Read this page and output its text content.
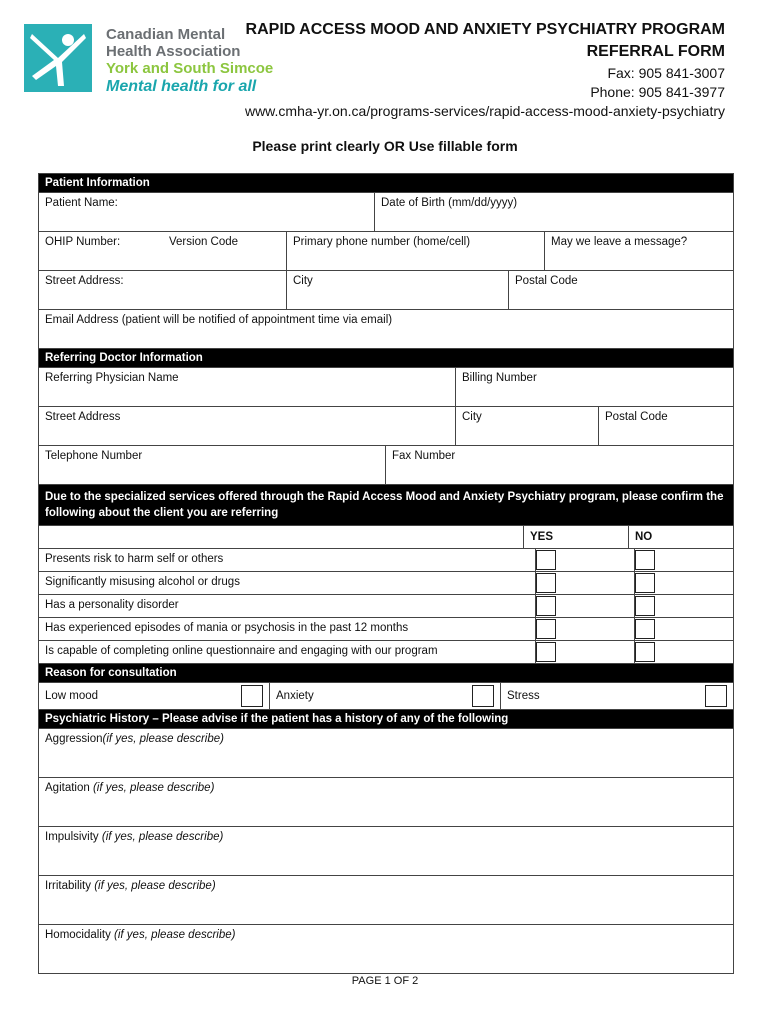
Canadian Mental
Health Association
York and South Simcoe
Mental health for all
RAPID ACCESS MOOD AND ANXIETY PSYCHIATRY PROGRAM
REFERRAL FORM
Fax: 905 841-3007
Phone: 905 841-3977
www.cmha-yr.on.ca/programs-services/rapid-access-mood-anxiety-psychiatry
Please print clearly OR Use fillable form
Patient Information
Patient Name:	Date of Birth (mm/dd/yyyy)
OHIP Number:	Version Code	Primary phone number (home/cell)	May we leave a message?
Street Address:	City	Postal Code
Email Address (patient will be notified of appointment time via email)
Referring Doctor Information
Referring Physician Name	Billing Number
Street Address	City	Postal Code
Telephone Number	Fax Number
Due to the specialized services offered through the Rapid Access Mood and Anxiety Psychiatry program, please confirm the following about the client you are referring
YES	NO
Presents risk to harm self or others
Significantly misusing alcohol or drugs
Has a personality disorder
Has experienced episodes of mania or psychosis in the past 12 months
Is capable of completing online questionnaire and engaging with our program
Reason for consultation
Low mood	Anxiety	Stress
Psychiatric History – Please advise if the patient has a history of any of the following
Aggression(if yes, please describe)
Agitation (if yes, please describe)
Impulsivity (if yes, please describe)
Irritability (if yes, please describe)
Homocidality (if yes, please describe)
PAGE 1 OF 2
